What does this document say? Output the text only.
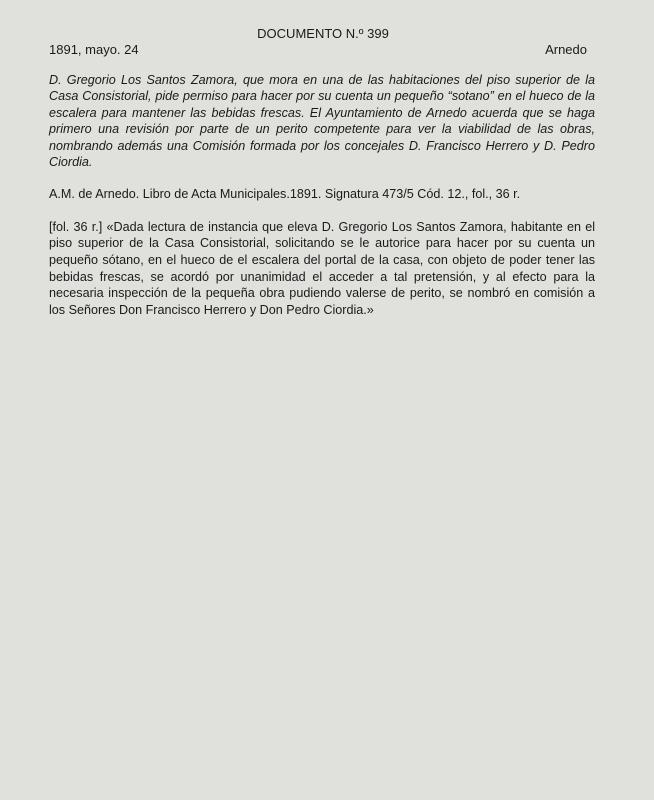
DOCUMENTO N.º 399
1891, mayo. 24	Arnedo

D. Gregorio Los Santos Zamora, que mora en una de las habitaciones del piso superior de la Casa Consistorial, pide permiso para hacer por su cuenta un pequeño “sotano” en el hueco de la escalera para mantener las bebidas frescas. El Ayuntamiento de Arnedo acuerda que se haga primero una revisión por parte de un perito competente para ver la viabilidad de las obras, nombrando además una Comisión formada por los concejales D. Francisco Herrero y D. Pedro Ciordia.

A.M. de Arnedo. Libro de Acta Municipales.1891. Signatura 473/5 Cód. 12., fol., 36 r.

[fol. 36 r.] «Dada lectura de instancia que eleva D. Gregorio Los Santos Zamora, habitante en el piso superior de la Casa Consistorial, solicitando se le autorice para hacer por su cuenta un pequeño sótano, en el hueco de el escalera del portal de la casa, con objeto de poder tener las bebidas frescas, se acordó por unanimidad el acceder a tal pretensión, y al efecto para la necesaria inspección de la pequeña obra pudiendo valerse de perito, se nombró en comisión a los Señores Don Francisco Herrero y Don Pedro Ciordia.»
